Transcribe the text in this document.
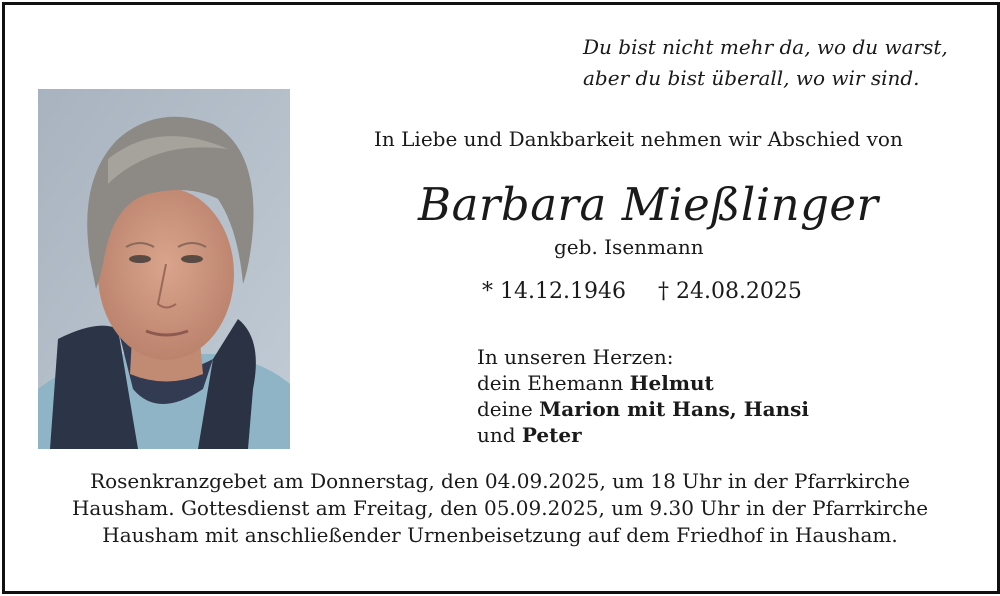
Du bist nicht mehr da, wo du warst,
aber du bist überall, wo wir sind.
In Liebe und Dankbarkeit nehmen wir Abschied von
Barbara Mießlinger
geb. Isenmann
* 14.12.1946 † 24.08.2025
In unseren Herzen:
dein Ehemann Helmut
deine Marion mit Hans, Hansi
und Peter
Rosenkranzgebet am Donnerstag, den 04.09.2025, um 18 Uhr in der Pfarrkirche
Hausham. Gottesdienst am Freitag, den 05.09.2025, um 9.30 Uhr in der Pfarrkirche
Hausham mit anschließender Urnenbeisetzung auf dem Friedhof in Hausham.
